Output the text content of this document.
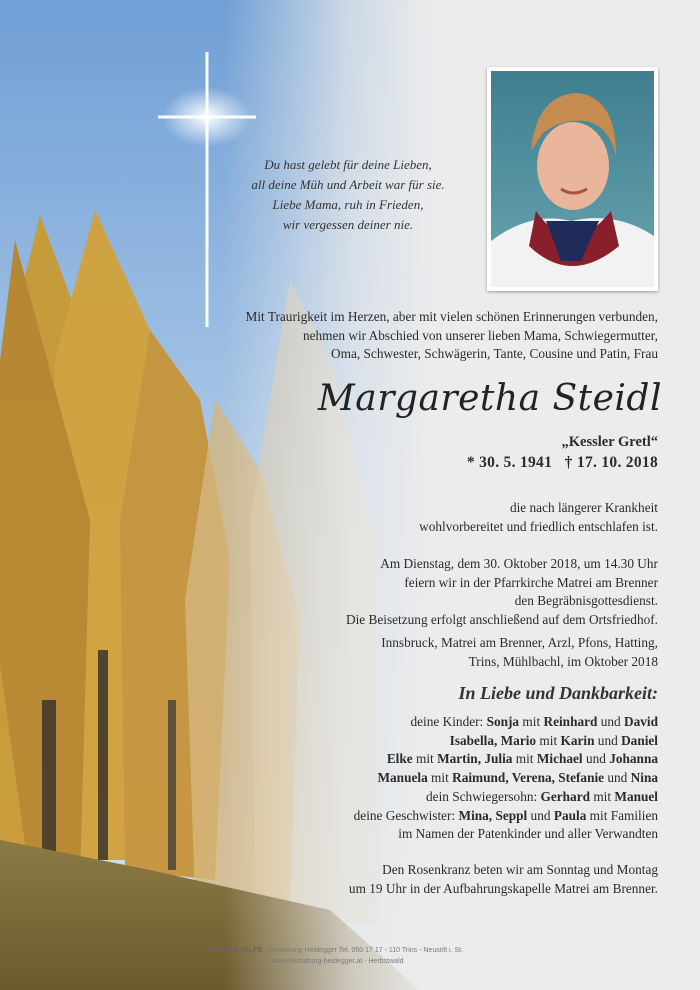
Du hast gelebt für deine Lieben,
all deine Müh und Arbeit war für sie.
Liebe Mama, ruh in Frieden,
wir vergessen deiner nie.
Mit Traurigkeit im Herzen, aber mit vielen schönen Erinnerungen verbunden,
nehmen wir Abschied von unserer lieben Mama, Schwiegermutter,
Oma, Schwester, Schwägerin, Tante, Cousine und Patin, Frau
Margaretha Steidl
„Kessler Gretl“
* 30. 5. 1941   † 17. 10. 2018
die nach längerer Krankheit
wohlvorbereitet und friedlich entschlafen ist.
Am Dienstag, dem 30. Oktober 2018, um 14.30 Uhr
feiern wir in der Pfarrkirche Matrei am Brenner
den Begräbnisgottesdienst.
Die Beisetzung erfolgt anschließend auf dem Ortsfriedhof.
Innsbruck, Matrei am Brenner, Arzl, Pfons, Hatting,
Trins, Mühlbachl, im Oktober 2018
In Liebe und Dankbarkeit:

deine Kinder: Sonja mit Reinhard und David

Isabella, Mario mit Karin und Daniel

Elke mit Martin, Julia mit Michael und Johanna

Manuela mit Raimund, Verena, Stefanie und Nina

dein Schwiegersohn: Gerhard mit Manuel

deine Geschwister: Mina, Seppl und Paula mit Familien

im Namen der Patenkinder und aller Verwandten

Den Rosenkranz beten wir am Sonntag und Montag
um 19 Uhr in der Aufbahrungskapelle Matrei am Brenner.
© TRAUER HILFE | Bestattung Heidegger Tel. 050 17 17 - 110 Trins - Neustift i. St.
www.bestattung-heidegger.at - Herbstwald
